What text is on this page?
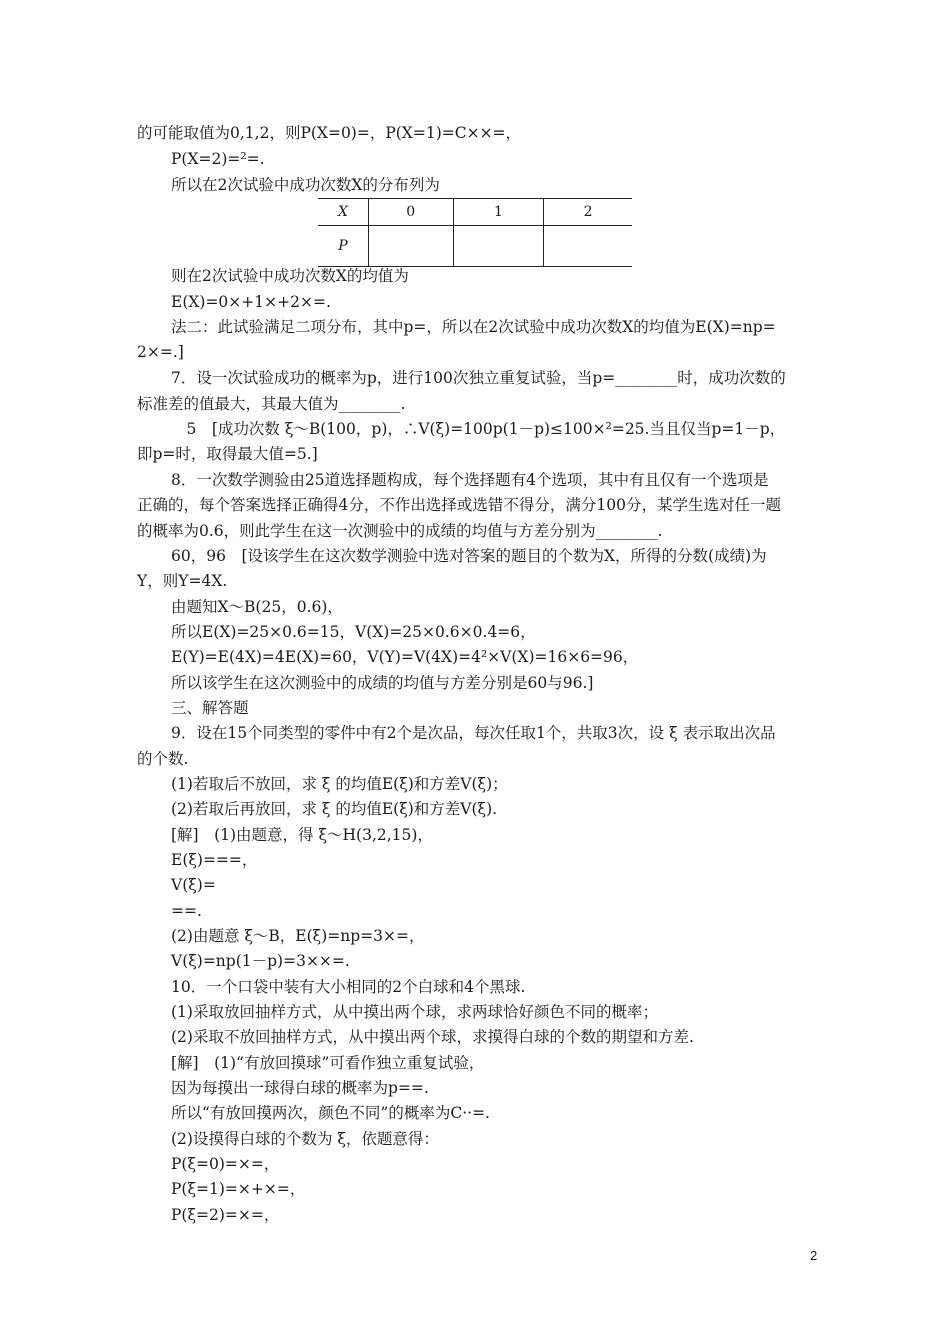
的可能取值为0,1,2，则P(X=0)=，P(X=1)=C××=，
P(X=2)=²=.
所以在2次试验中成功次数X的分布列为
X	0	1	2
P			
则在2次试验中成功次数X的均值为
E(X)=0×+1×+2×=.
法二：此试验满足二项分布，其中p=，所以在2次试验中成功次数X的均值为E(X)=np=
2×=.]
7．设一次试验成功的概率为p，进行100次独立重复试验，当p=________时，成功次数的
标准差的值最大，其最大值为________.
　5　[成功次数 ξ～B(100，p)，∴V(ξ)=100p(1－p)≤100×²=25.当且仅当p=1－p，
即p=时，取得最大值=5.]
8．一次数学测验由25道选择题构成，每个选择题有4个选项，其中有且仅有一个选项是
正确的，每个答案选择正确得4分，不作出选择或选错不得分，满分100分，某学生选对任一题
的概率为0.6，则此学生在这一次测验中的成绩的均值与方差分别为________.
60，96　[设该学生在这次数学测验中选对答案的题目的个数为X，所得的分数(成绩)为
Y，则Y=4X.
由题知X～B(25，0.6)，
所以E(X)=25×0.6=15，V(X)=25×0.6×0.4=6，
E(Y)=E(4X)=4E(X)=60，V(Y)=V(4X)=4²×V(X)=16×6=96，
所以该学生在这次测验中的成绩的均值与方差分别是60与96.]
三、解答题
9．设在15个同类型的零件中有2个是次品，每次任取1个，共取3次，设 ξ 表示取出次品
的个数.
(1)若取后不放回，求 ξ 的均值E(ξ)和方差V(ξ)；
(2)若取后再放回，求 ξ 的均值E(ξ)和方差V(ξ).
[解]　(1)由题意，得 ξ～H(3,2,15)，
E(ξ)===，
V(ξ)=
==.
(2)由题意 ξ～B，E(ξ)=np=3×=，
V(ξ)=np(1－p)=3××=.
10．一个口袋中装有大小相同的2个白球和4个黑球.
(1)采取放回抽样方式，从中摸出两个球，求两球恰好颜色不同的概率；
(2)采取不放回抽样方式，从中摸出两个球，求摸得白球的个数的期望和方差.
[解]　(1)“有放回摸球”可看作独立重复试验，
因为每摸出一球得白球的概率为p==.
所以“有放回摸两次，颜色不同”的概率为C··=.
(2)设摸得白球的个数为 ξ，依题意得：
P(ξ=0)=×=，
P(ξ=1)=×+×=，
P(ξ=2)=×=，
2
